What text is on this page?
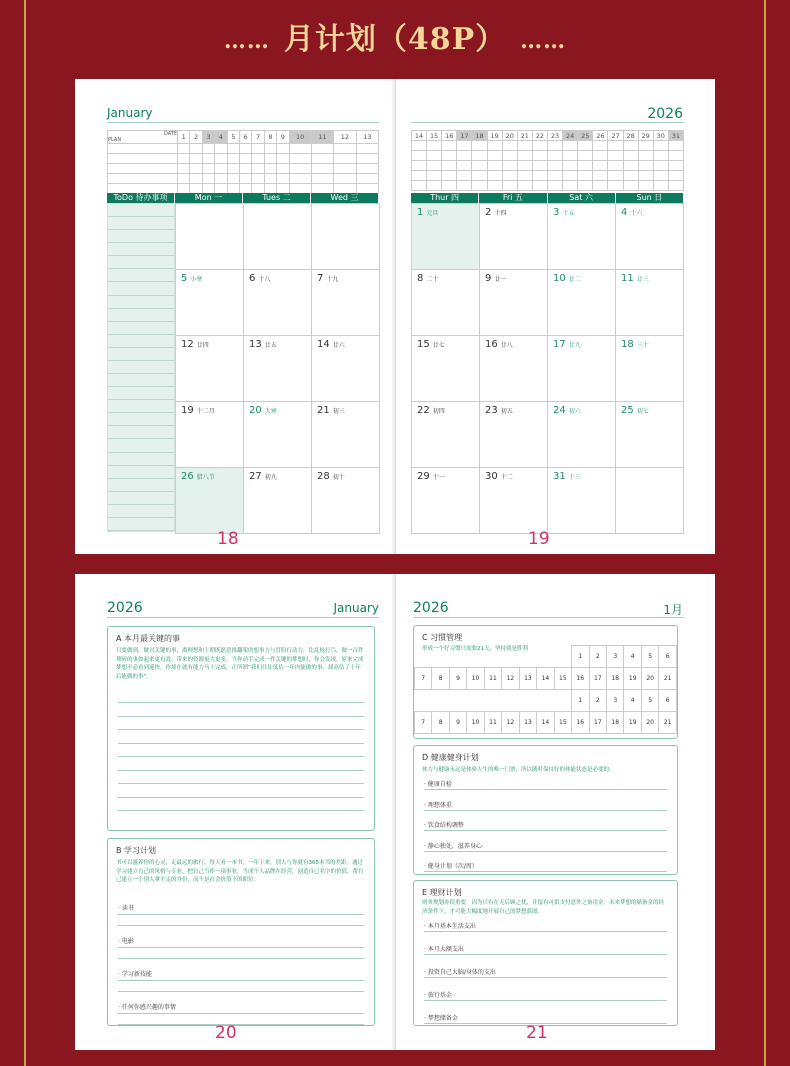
…… 月计划（48P） ……
January
DATE
PLAN	1	2	3	4	5	6	7	8	9	10	11	12	13

ToDo 待办事项	Mon 一	Tues 二	Wed 三

5 小寒	6 十八	7 十九
12 廿四	13 廿五	14 廿六
19 十二月	20 大寒	21 初三
26 腊八节	27 初九	28 初十
18
2026
14	15	16	17	18	19	20	21	22	23	24	25	26	27	28	29	30	31

Thur 四	Fri 五	Sat 六	Sun 日
1 元旦	2 十四	3 十五	4 十六
8 二十	9 廿一	10 廿二	11 廿三
15 廿七	16 廿八	17 廿九	18 三十
22 初四	23 初五	24 初六	25 初七
29 十一	30 十二	31 十三	
19
2026	January
A 本月最关键的事
只要做到，做对关键的事，离理想和上期既愿意推翻架的想事力与冒险行动力，比乱枪打鸟，做一百件琐碎的事如起来更有效。带来的资源更大更多，当你动手完成一件关键的梦想时，你会发现，原来完成梦想不必看到遥快，你却在就有能力马上完成，正所谓“我们往往低估一年内能做的事，却高估了十年后能做的事”。
B 学习计划
书可以滋养你的心灵，走最远的旅行。每天看一本书，一年下来，别人与你就有365本书的差距。通过学习建立自己的风格与专业，把自己当作一项事业，当成个人品牌在经营，创造自己名字的价值，帮自己建立一个别人拿不走的身份，而不是社会价值下的职位。
· 读书
· 电影
· 学习新技能
· 任何你感兴趣的事情
20
2026	1月
C 习惯管理
形成一个好习惯只需要21天，坚持就是胜利
									1	2	3	4	5	6
7	8	9	10	11	12	13	14	15	16	17	18	19	20	21
									1	2	3	4	5	6
7	8	9	10	11	12	13	14	15	16	17	18	19	20	21
D 健康健身计划
体力与健康永远是体验人生的唯一门票，所以随时保持好的体能状态是必要的。
· 健康自检
· 理想体重
· 饮食结构调整
· 静心独处，滋养身心
· 健身计划（次/周）
E 理财计划
财务规划亦很重要，因为只有在无后顾之忧，并留有可供支付意外之备用金，未来梦想的储备金的经济条件下，才可能大幅度地开展自己的梦想蓝图。
· 本月基本生活支出
· 本月大额支出
· 投资自己大脑/身体的支出
· 旅行基金
· 梦想储备金
21
